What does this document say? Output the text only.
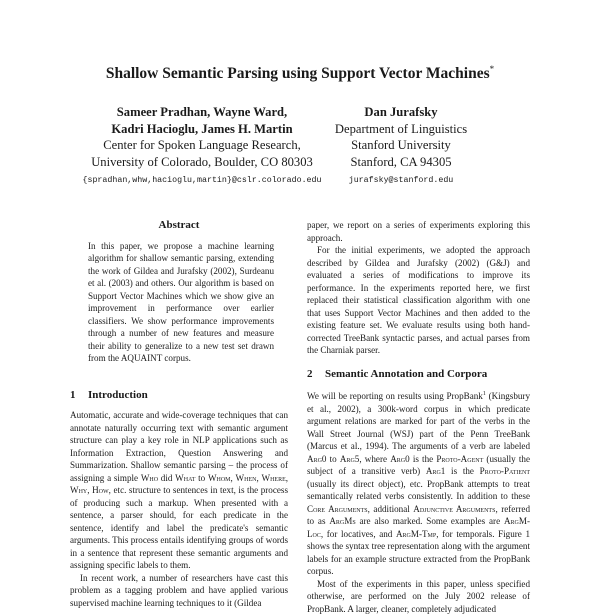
Shallow Semantic Parsing using Support Vector Machines*
Sameer Pradhan, Wayne Ward,
Kadri Hacioglu, James H. Martin
Center for Spoken Language Research,
University of Colorado, Boulder, CO 80303
{spradhan,whw,hacioglu,martin}@cslr.colorado.edu
Dan Jurafsky
Department of Linguistics
Stanford University
Stanford, CA 94305
jurafsky@stanford.edu
Abstract

In this paper, we propose a machine learning algorithm for shallow semantic parsing, extending the work of Gildea and Jurafsky (2002), Surdeanu et al. (2003) and others. Our algorithm is based on Support Vector Machines which we show give an improvement in performance over earlier classifiers. We show performance improvements through a number of new features and measure their ability to generalize to a new test set drawn from the AQUAINT corpus.

1 Introduction

Automatic, accurate and wide-coverage techniques that can annotate naturally occurring text with semantic argument structure can play a key role in NLP applications such as Information Extraction, Question Answering and Summarization. Shallow semantic parsing – the process of assigning a simple Who did What to Whom, When, Where, Why, How, etc. structure to sentences in text, is the process of producing such a markup. When presented with a sentence, a parser should, for each predicate in the sentence, identify and label the predicate's semantic arguments. This process entails identifying groups of words in a sentence that represent these semantic arguments and assigning specific labels to them.

In recent work, a number of researchers have cast this problem as a tagging problem and have applied various supervised machine learning techniques to it (Gildea

paper, we report on a series of experiments exploring this approach.

For the initial experiments, we adopted the approach described by Gildea and Jurafsky (2002) (G&J) and evaluated a series of modifications to improve its performance. In the experiments reported here, we first replaced their statistical classification algorithm with one that uses Support Vector Machines and then added to the existing feature set. We evaluate results using both hand-corrected TreeBank syntactic parses, and actual parses from the Charniak parser.

2 Semantic Annotation and Corpora

We will be reporting on results using PropBank$^1$ (Kingsbury et al., 2002), a 300k-word corpus in which predicate argument relations are marked for part of the verbs in the Wall Street Journal (WSJ) part of the Penn TreeBank (Marcus et al., 1994). The arguments of a verb are labeled Arg0 to Arg5, where Arg0 is the Proto-Agent (usually the subject of a transitive verb) Arg1 is the Proto-Patient (usually its direct object), etc. PropBank attempts to treat semantically related verbs consistently. In addition to these Core Arguments, additional Adjunctive Arguments, referred to as ArgMs are also marked. Some examples are ArgM-Loc, for locatives, and ArgM-Tmp, for temporals. Figure 1 shows the syntax tree representation along with the argument labels for an example structure extracted from the PropBank corpus.

Most of the experiments in this paper, unless specified otherwise, are performed on the July 2002 release of PropBank. A larger, cleaner, completely adjudicated
